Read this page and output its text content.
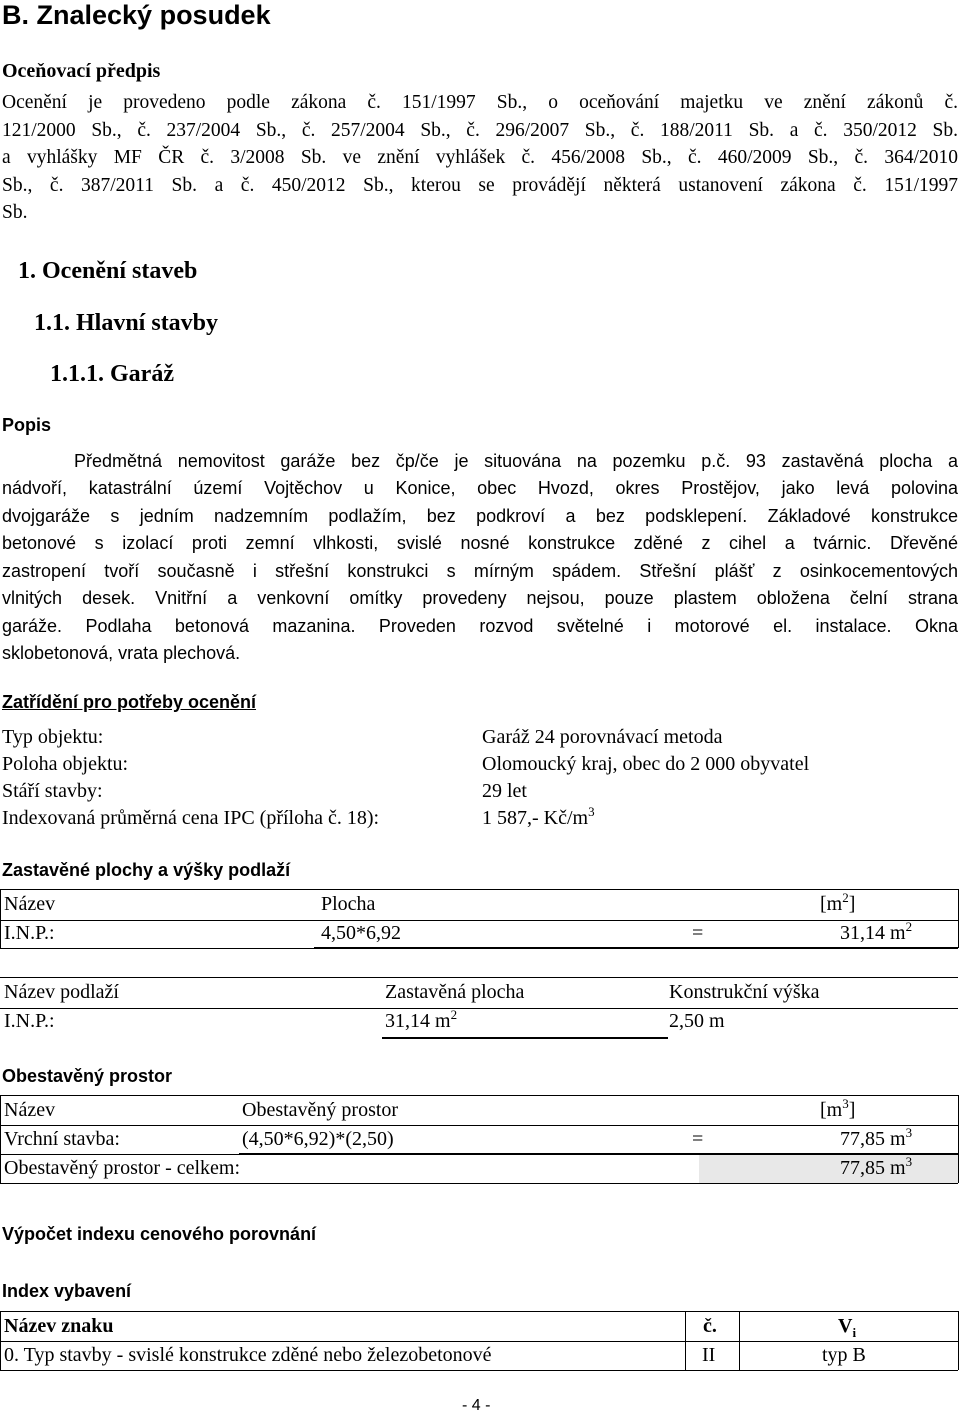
B. Znalecký posudek
Oceňovací předpis
Ocenění je provedeno podle zákona č. 151/1997 Sb., o oceňování majetku ve znění zákonů č.
121/2000 Sb., č. 237/2004 Sb., č. 257/2004 Sb., č. 296/2007 Sb., č. 188/2011 Sb. a č. 350/2012 Sb.
a vyhlášky MF ČR č. 3/2008 Sb. ve znění vyhlášek č. 456/2008 Sb., č. 460/2009 Sb., č. 364/2010
Sb., č. 387/2011 Sb. a č. 450/2012 Sb., kterou se provádějí některá ustanovení zákona č. 151/1997
Sb.
1. Ocenění staveb
1.1. Hlavní stavby
1.1.1. Garáž
Popis
Předmětná nemovitost garáže bez čp/če je situována na pozemku p.č. 93 zastavěná plocha a
nádvoří, katastrální území Vojtěchov u Konice, obec Hvozd, okres Prostějov, jako levá polovina
dvojgaráže s jedním nadzemním podlažím, bez podkroví a bez podsklepení. Základové konstrukce
betonové s izolací proti zemní vlhkosti, svislé nosné konstrukce zděné z cihel a tvárnic. Dřevěné
zastropení tvoří současně i střešní konstrukci s mírným spádem. Střešní plášť z osinkocementových
vlnitých desek. Vnitřní a venkovní omítky provedeny nejsou, pouze plastem obložena čelní strana
garáže. Podlaha betonová mazanina. Proveden rozvod světelné i motorové el. instalace. Okna
sklobetonová, vrata plechová.
Zatřídění pro potřeby ocenění
Typ objektu:	Garáž 24 porovnávací metoda
Poloha objektu:	Olomoucký kraj, obec do 2 000 obyvatel
Stáří stavby:	29 let
Indexovaná průměrná cena IPC (příloha č. 18):	1 587,- $Kč/m^3$
Zastavěné plochy a výšky podlaží
Název	Plocha	$[m^2]$
I.N.P.:	4,50*6,92	=	31,14 $m^2$
Název podlaží	Zastavěná plocha	Konstrukční výška
I.N.P.:	31,14 $m^2$	2,50 m
Obestavěný prostor
Název	Obestavěný prostor	$[m^3]$
Vrchní stavba:	(4,50*6,92)*(2,50)	=	77,85 $m^3$
Obestavěný prostor - celkem:	77,85 $m^3$
Výpočet indexu cenového porovnání
Index vybavení
Název znaku	č.	Vi
0. Typ stavby - svislé konstrukce zděné nebo železobetonové	II	typ B
- 4 -
